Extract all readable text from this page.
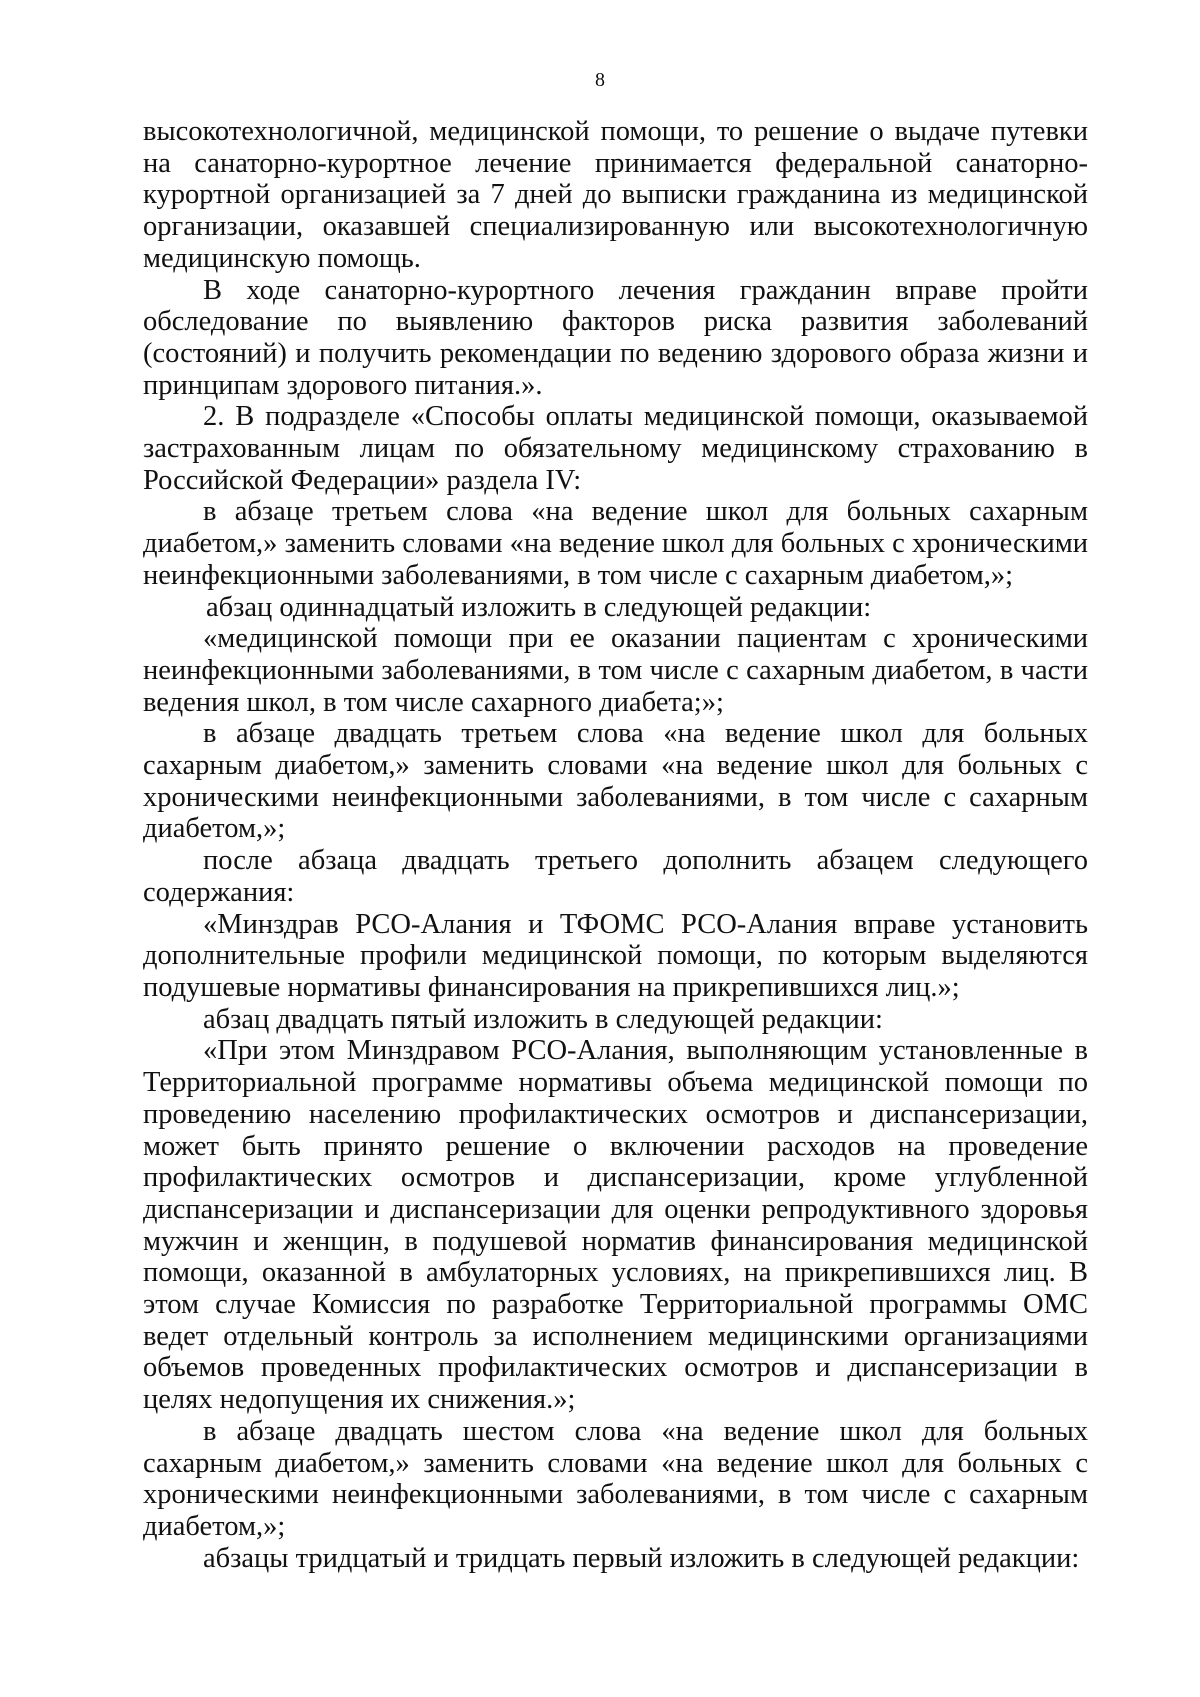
8

высокотехнологичной, медицинской помощи, то решение о выдаче путевки на санаторно-курортное лечение принимается федеральной санаторно-курортной организацией за 7 дней до выписки гражданина из медицинской организации, оказавшей специализированную или высокотехнологичную медицинскую помощь.

В ходе санаторно-курортного лечения гражданин вправе пройти обследование по выявлению факторов риска развития заболеваний (состояний) и получить рекомендации по ведению здорового образа жизни и принципам здорового питания.».

2. В подразделе «Способы оплаты медицинской помощи, оказываемой застрахованным лицам по обязательному медицинскому страхованию в Российской Федерации» раздела IV:

в абзаце третьем слова «на ведение школ для больных сахарным диабетом,» заменить словами «на ведение школ для больных с хроническими неинфекционными заболеваниями, в том числе с сахарным диабетом,»;

абзац одиннадцатый изложить в следующей редакции:

«медицинской помощи при ее оказании пациентам с хроническими неинфекционными заболеваниями, в том числе с сахарным диабетом, в части ведения школ, в том числе сахарного диабета;»;

в абзаце двадцать третьем слова «на ведение школ для больных сахарным диабетом,» заменить словами «на ведение школ для больных с хроническими неинфекционными заболеваниями, в том числе с сахарным диабетом,»;

после абзаца двадцать третьего дополнить абзацем следующего содержания:

«Минздрав РСО-Алания и ТФОМС РСО-Алания вправе установить дополнительные профили медицинской помощи, по которым выделяются подушевые нормативы финансирования на прикрепившихся лиц.»;

абзац двадцать пятый изложить в следующей редакции:

«При этом Минздравом РСО-Алания, выполняющим установленные в Территориальной программе нормативы объема медицинской помощи по проведению населению профилактических осмотров и диспансеризации, может быть принято решение о включении расходов на проведение профилактических осмотров и диспансеризации, кроме углубленной диспансеризации и диспансеризации для оценки репродуктивного здоровья мужчин и женщин, в подушевой норматив финансирования медицинской помощи, оказанной в амбулаторных условиях, на прикрепившихся лиц. В этом случае Комиссия по разработке Территориальной программы ОМС ведет отдельный контроль за исполнением медицинскими организациями объемов проведенных профилактических осмотров и диспансеризации в целях недопущения их снижения.»;

в абзаце двадцать шестом слова «на ведение школ для больных сахарным диабетом,» заменить словами «на ведение школ для больных с хроническими неинфекционными заболеваниями, в том числе с сахарным диабетом,»;

абзацы тридцатый и тридцать первый изложить в следующей редакции:
